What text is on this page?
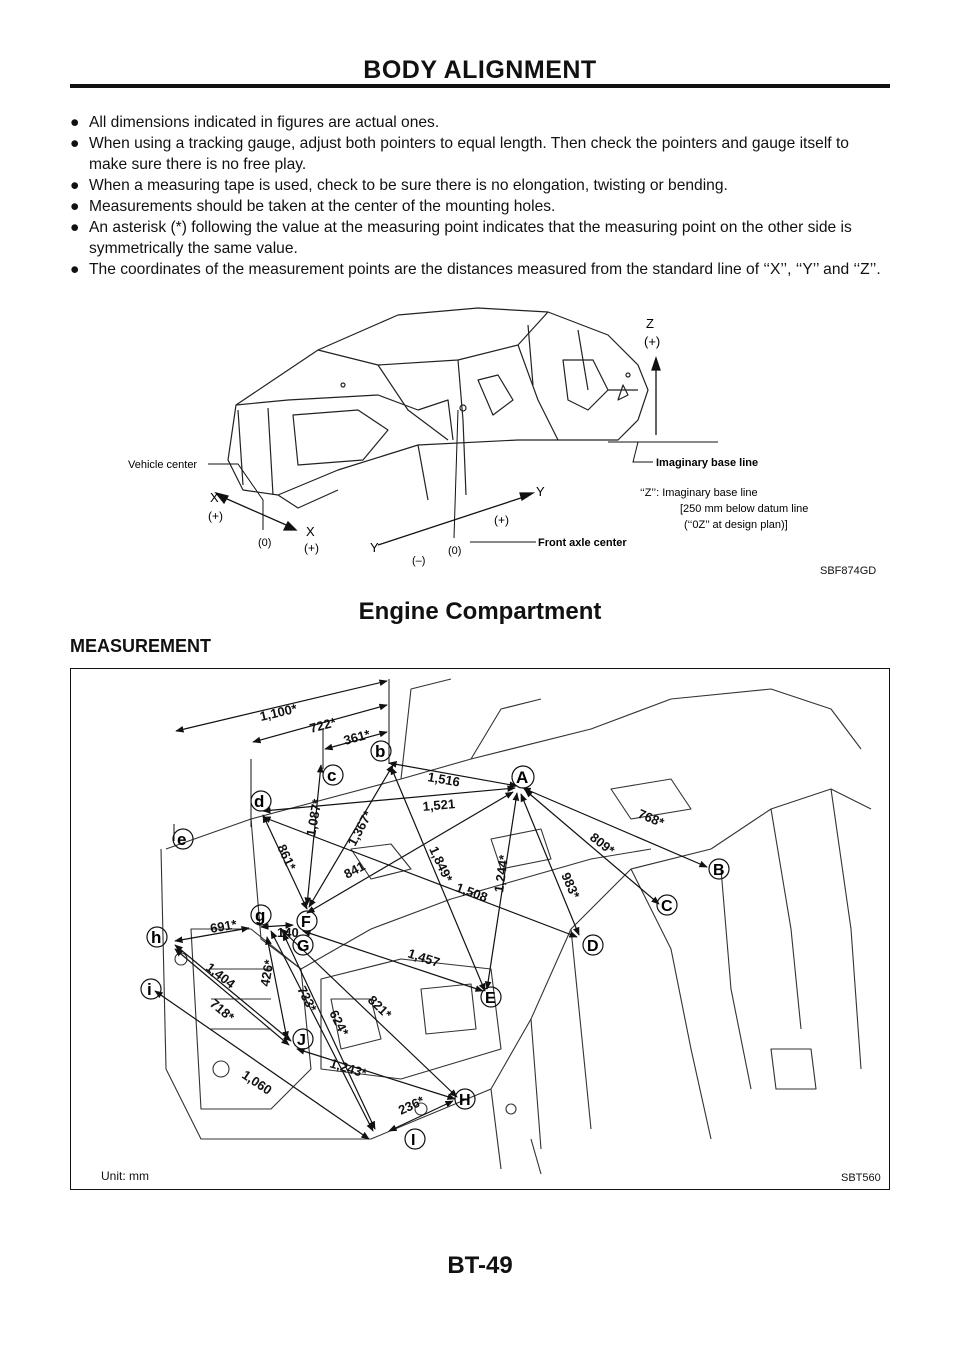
BODY ALIGNMENT
● All dimensions indicated in figures are actual ones.
● When using a tracking gauge, adjust both pointers to equal length. Then check the pointers and gauge itself to make sure there is no free play.
● When a measuring tape is used, check to be sure there is no elongation, twisting or bending.
● Measurements should be taken at the center of the mounting holes.
● An asterisk (*) following the value at the measuring point indicates that the measuring point on the other side is symmetrically the same value.
● The coordinates of the measurement points are the distances measured from the standard line of ‘‘X’’, ‘‘Y’’ and ‘‘Z’’.
Z
(+)
Imaginary base line
Vehicle center
X
(+)
(0)
X
(+)
Y
(+)
Y
(–)
(0)
Front axle center
‘‘Z’’: Imaginary base line
[250 mm below datum line
(‘‘0Z’’ at design plan)]
SBF874GD
Engine Compartment
MEASUREMENT
b
c
d
e
g
h
i
A
B
C
D
E
F
G
H
I
J
1,100*
722*
361*
1,516
768*
809*
1,521
1,087* 1,367*
861*	841	1,849*	1,244*
1,508	983*
691*	140
1,457
1,404 426*
733*	821*
624*
718*
1,243*
1,060
236*
Unit: mm	SBT560
BT-49
